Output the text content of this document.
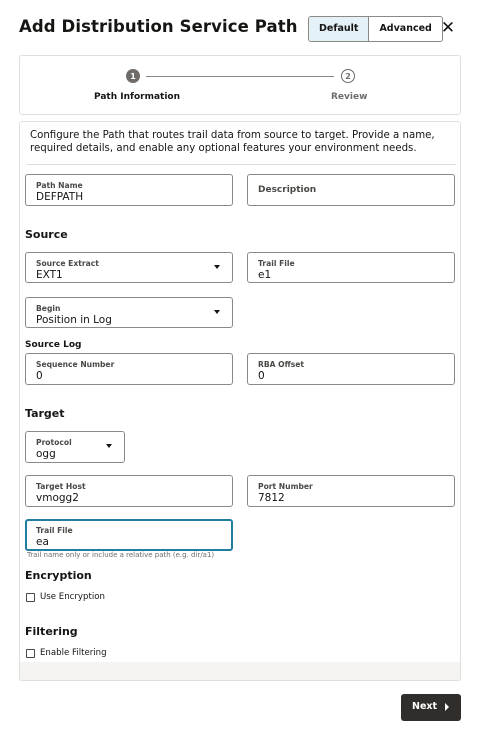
Add Distribution Service Path	Default	Advanced ✕
1	2
Path Information	Review
Configure the Path that routes trail data from source to target. Provide a name, required details, and enable any optional features your environment needs.
Path Name
DEFPATH
Description
Source
Source Extract
EXT1
Trail File
e1
Begin
Position in Log
Source Log
Sequence Number
0
RBA Offset
0
Target
Protocol
ogg
Target Host
vmogg2
Port Number
7812
Trail File
ea
Trail name only or include a relative path (e.g. dir/a1)
Encryption
Use Encryption
Filtering
Enable Filtering
Next
